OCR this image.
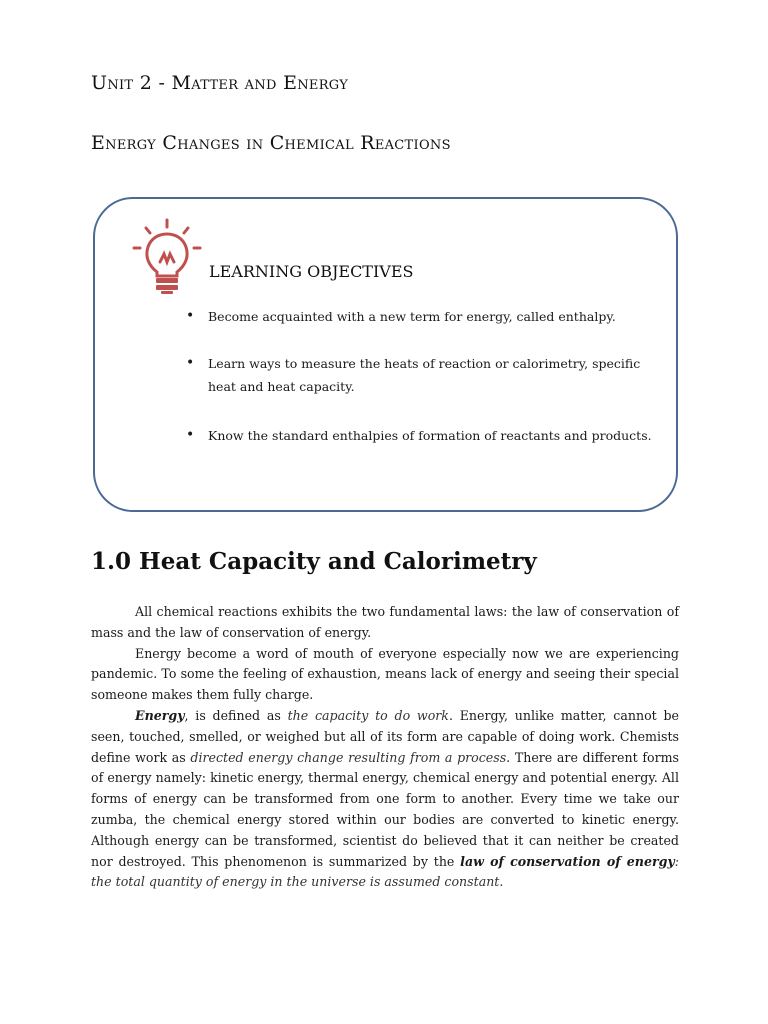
Unit 2 - Matter and Energy
Energy Changes in Chemical Reactions
LEARNING OBJECTIVES
• Become acquainted with a new term for energy, called enthalpy.
• Learn ways to measure the heats of reaction or calorimetry, specific heat and heat capacity.
• Know the standard enthalpies of formation of reactants and products.
1.0 Heat Capacity and Calorimetry

All chemical reactions exhibits the two fundamental laws: the law of conservation of mass and the law of conservation of energy.

Energy become a word of mouth of everyone especially now we are experiencing pandemic. To some the feeling of exhaustion, means lack of energy and seeing their special someone makes them fully charge.

Energy, is defined as the capacity to do work. Energy, unlike matter, cannot be seen, touched, smelled, or weighed but all of its form are capable of doing work. Chemists define work as directed energy change resulting from a process. There are different forms of energy namely: kinetic energy, thermal energy, chemical energy and potential energy. All forms of energy can be transformed from one form to another. Every time we take our zumba, the chemical energy stored within our bodies are converted to kinetic energy. Although energy can be transformed, scientist do believed that it can neither be created nor destroyed. This phenomenon is summarized by the law of conservation of energy: the total quantity of energy in the universe is assumed constant.
